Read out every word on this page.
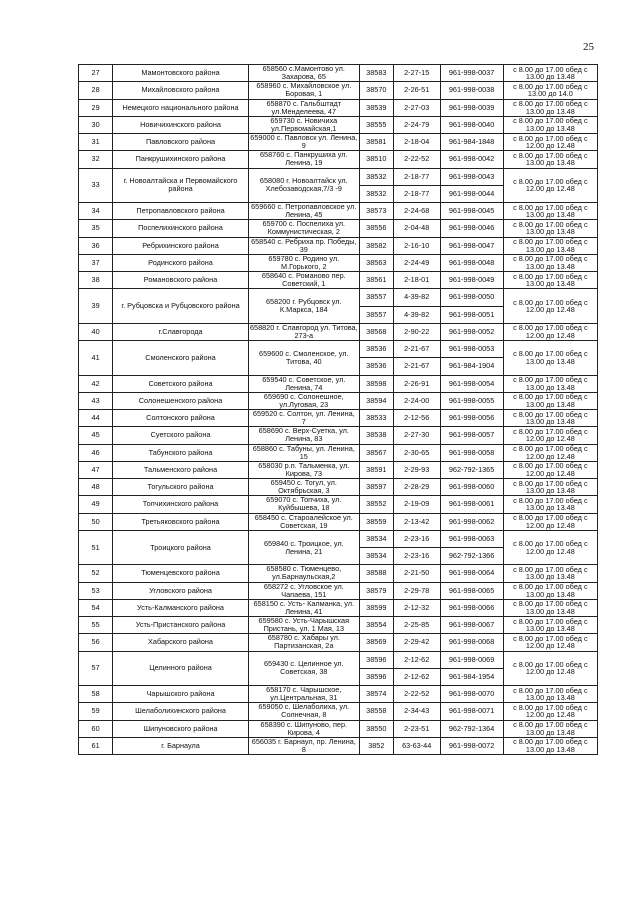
25
27	Мамонтовского района	658560 с.Мамонтово ул. Захарова, 65	38583	2-27-15	961-998-0037	с 8.00 до 17.00 обед с 13.00 до 13.48
28	Михайловского района	658960 с. Михайловское ул. Боровая, 1	38570	2-26-51	961-998-0038	с 8.00 до 17.00 обед с 13.00 до 14.0
29	Немецкого национального района	658870 с. Гальбштадт ул.Менделеева, 47	38539	2-27-03	961-998-0039	с 8.00 до 17.00 обед с 13.00 до 13.48
30	Новичихинского района	659730 с. Новичиха ул.Первомайская,1	38555	2-24-79	961-998-0040	с 8.00 до 17.00 обед с 13.00 до 13.48
31	Павловского района	659000 с. Павловск ул. Ленина, 9	38581	2-18-04	961-984-1848	с 8.00 до 17.00 обед с 12.00 до 12.48
32	Панкрушихинского района	658760 с. Панкрушиха ул. Ленина, 19	38510	2-22-52	961-998-0042	с 8.00 до 17.00 обед с 13.00 до 13.48
33	г. Новоалтайска и Первомайского района	658080 г. Новоалтайск ул. Хлебозаводская,7/3 -9	38532	2-18-77	961-998-0043	с 8.00 до 17.00 обед с 12.00 до 12.48
			38532	2-18-77	961-998-0044	
34	Петропавловского района	659660 с. Петропавловское ул. Ленина, 45	38573	2-24-68	961-998-0045	с 8.00 до 17.00 обед с 13.00 до 13.48
35	Поспелихинского района	659700 с. Поспелиха ул. Коммунистическая, 2	38556	2-04-48	961-998-0046	с 8.00 до 17.00 обед с 13.00 до 13.48
36	Ребрихинского района	658540 с. Ребриха пр. Победы, 39	38582	2-16-10	961-998-0047	с 8.00 до 17.00 обед с 13.00 до 13.48
37	Родинского района	659780 с. Родино ул. М.Горького, 2	38563	2-24-49	961-998-0048	с 8.00 до 17.00 обед с 13.00 до 13.48
38	Романовского района	658640 с. Романово пер. Советский, 1	38561	2-18-01	961-998-0049	с 8.00 до 17.00 обед с 13.00 до 13.48
39	г. Рубцовска и Рубцовского района	658200 г. Рубцовск ул. К.Маркса, 184	38557	4-39-82	961-998-0050	с 8.00 до 17.00 обед с 12.00 до 12.48
			38557	4-39-82	961-998-0051	
40	г.Славгорода	658820 г. Славгород ул. Титова, 273-а	38568	2-90-22	961-998-0052	с 8.00 до 17.00 обед с 12.00 до 12.48
41	Смоленского района	659600 с. Смоленское, ул. Титова, 40	38536	2-21-67	961-998-0053	с 8.00 до 17.00 обед с 13.00 до 13.48
			38536	2-21-67	961-984-1904	
42	Советского района	659540 с. Советское, ул. Ленина, 74	38598	2-26-91	961-998-0054	с 8.00 до 17.00 обед с 13.00 до 13.48
43	Солонешенского района	659690 с. Солонешное, ул.Луговая, 23	38594	2-24-00	961-998-0055	с 8.00 до 17.00 обед с 13.00 до 13.48
44	Солтонского района	659520 с. Солтон, ул. Ленина, 7	38533	2-12-56	961-998-0056	с 8.00 до 17.00 обед с 13.00 до 13.48
45	Суетского района	658690 с. Верх-Суетка, ул. Ленина, 83	38538	2-27-30	961-998-0057	с 8.00 до 17.00 обед с 12.00 до 12.48
46	Табунского района	658860 с. Табуны, ул. Ленина, 15	38567	2-30-65	961-998-0058	с 8.00 до 17.00 обед с 12.00 до 12.48
47	Тальменского района	658030 р.п. Тальменка, ул. Кирова, 73	38591	2-29-93	962-792-1365	с 8.00 до 17.00 обед с 12.00 до 12.48
48	Тогульского района	659450 с. Тогул, ул. Октябрьская, 3	38597	2-28-29	961-998-0060	с 8.00 до 17.00 обед с 13.00 до 13.48
49	Топчихинского района	659070 с. Топчиха, ул. Куйбышева, 18	38552	2-19-09	961-998-0061	с 8.00 до 17.00 обед с 13.00 до 13.48
50	Третьяковского района	658450 с. Староалейское ул. Советская, 19	38559	2-13-42	961-998-0062	с 8.00 до 17.00 обед с 12.00 до 12.48
51	Троицкого района	659840 с. Троицкое, ул. Ленина, 21	38534	2-23-16	961-998-0063	с 8.00 до 17.00 обед с 12.00 до 12.48
			38534	2-23-16	962-792-1366	
52	Тюменцевского района	658580 с. Тюменцево, ул.Барнаульская,2	38588	2-21-50	961-998-0064	с 8.00 до 17.00 обед с 13.00 до 13.48
53	Угловского района	658272 с. Угловское ул. Чапаева, 151	38579	2-29-78	961-998-0065	с 8.00 до 17.00 обед с 13.00 до 13.48
54	Усть-Калманского района	658150 с. Усть- Калманка, ул. Ленина, 41	38599	2-12-32	961-998-0066	с 8.00 до 17.00 обед с 13.00 до 13.48
55	Усть-Пристанского района	659580 с. Усть-Чарышская Пристань, ул. 1 Мая, 13	38554	2-25-85	961-998-0067	с 8.00 до 17.00 обед с 13.00 до 13.48
56	Хабарского района	658780 с. Хабары ул. Партизанская, 2а	38569	2-29-42	961-998-0068	с 8.00 до 17.00 обед с 12.00 до 12.48
57	Целинного района	659430 с. Целинное ул. Советская, 38	38596	2-12-62	961-998-0069	с 8.00 до 17.00 обед с 12.00 до 12.48
			38596	2-12-62	961-984-1954	
58	Чарышского района	658170 с. Чарышское, ул.Центральная, 31	38574	2-22-52	961-998-0070	с 8.00 до 17.00 обед с 13.00 до 13.48
59	Шелаболихинского района	659050 с. Шелаболиха, ул. Солнечная, 8	38558	2-34-43	961-998-0071	с 8.00 до 17.00 обед с 12.00 до 12.48
60	Шипуновского района	658390 с. Шипуново, пер. Кирова, 4	38550	2-23-51	962-792-1364	с 8.00 до 17.00 обед с 13.00 до 13.48
61	г. Барнаула	656035 г. Барнаул, пр. Ленина, 8	3852	63-63-44	961-998-0072	с 8.00 до 17.00 обед с 13.00 до 13.48
